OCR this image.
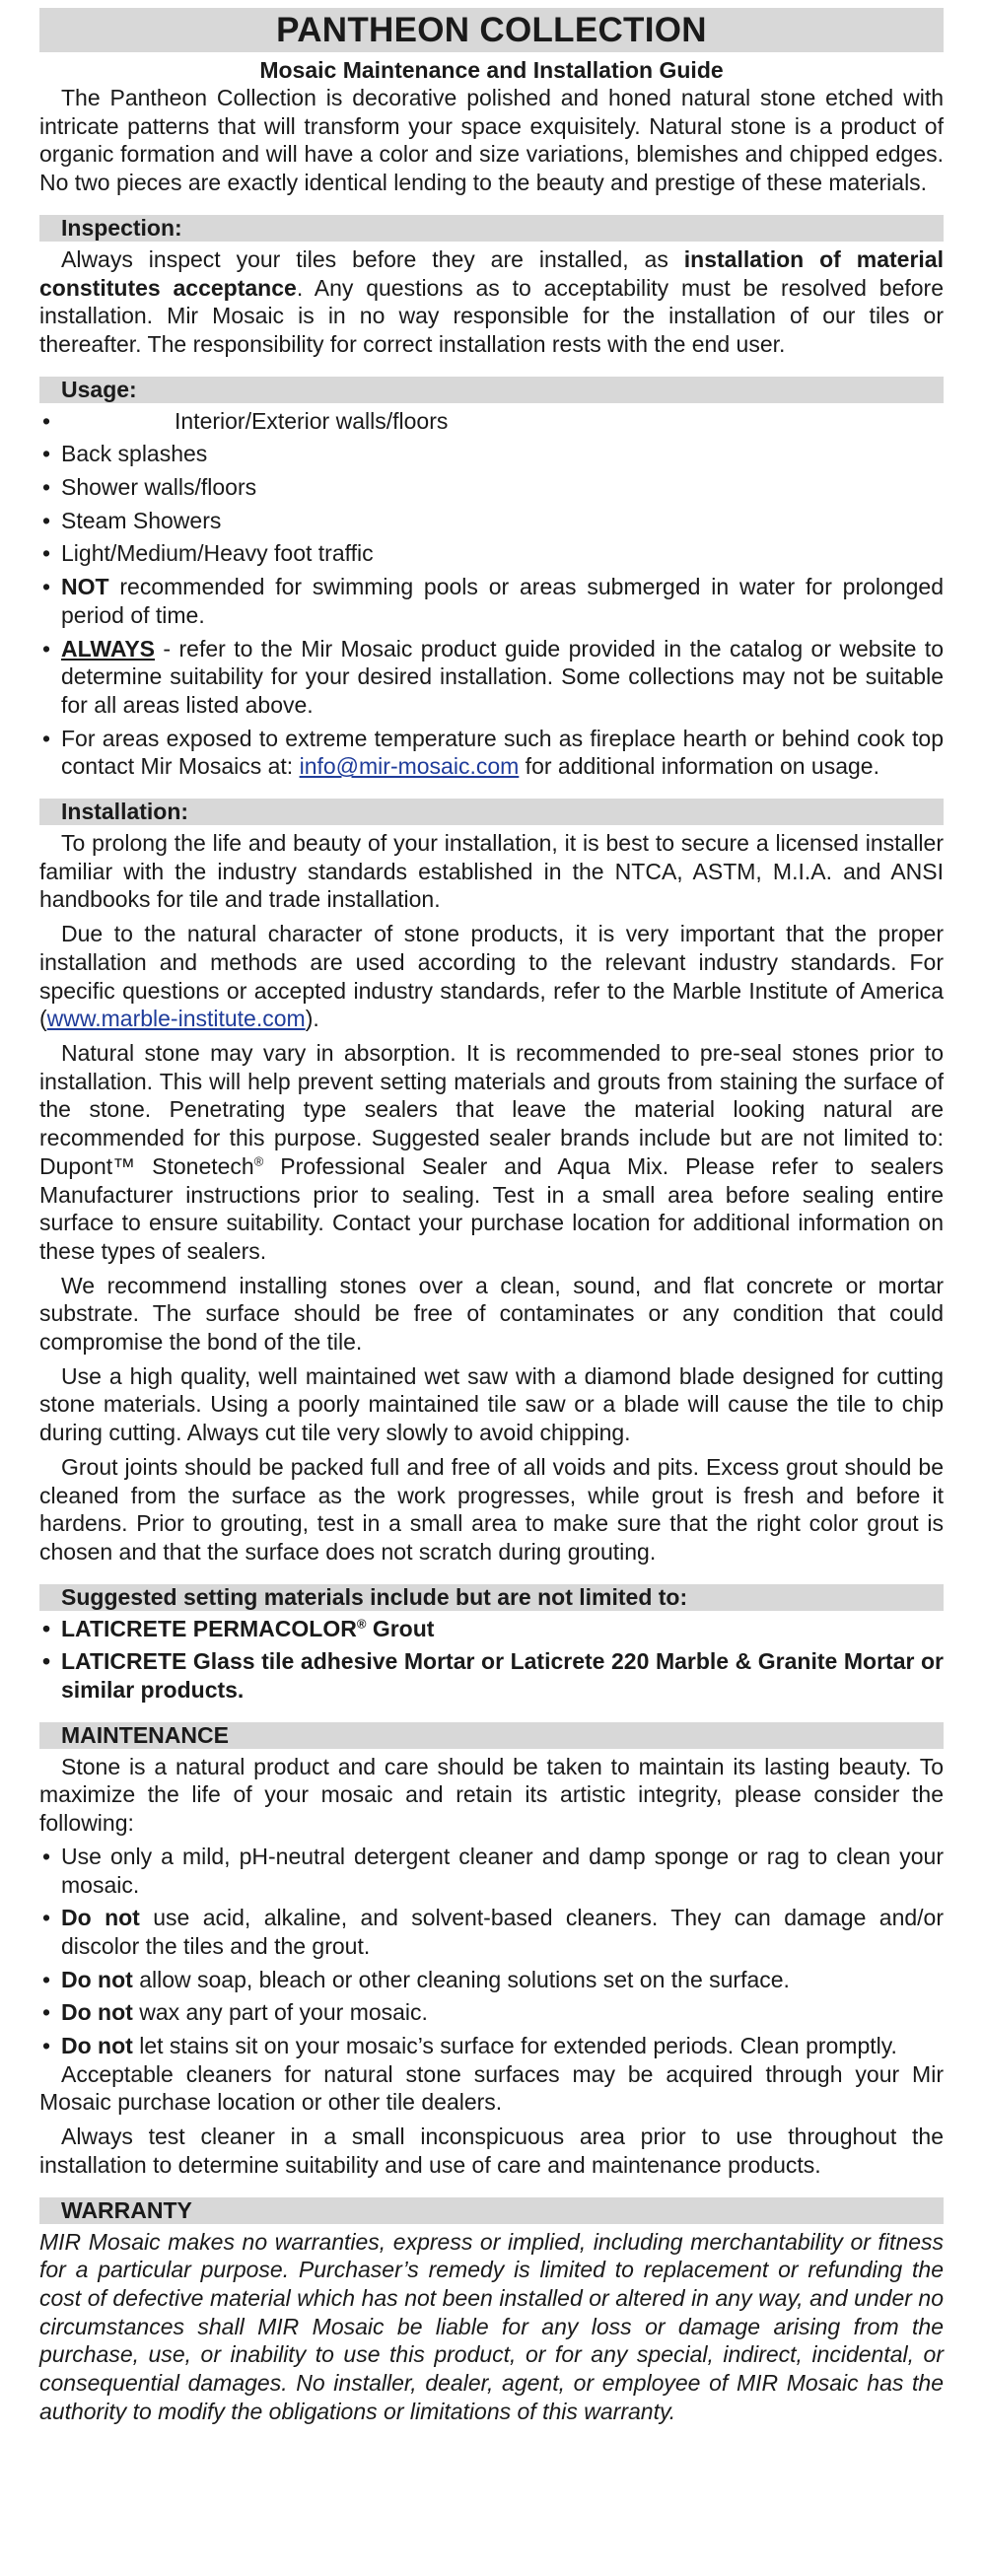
PANTHEON COLLECTION
Mosaic Maintenance and Installation Guide

The Pantheon Collection is decorative polished and honed natural stone etched with intricate patterns that will transform your space exquisitely. Natural stone is a product of organic formation and will have a color and size variations, blemishes and chipped edges. No two pieces are exactly identical lending to the beauty and prestige of these materials.

Inspection:

Always inspect your tiles before they are installed, as installation of material constitutes acceptance. Any questions as to acceptability must be resolved before installation. Mir Mosaic is in no way responsible for the installation of our tiles or thereafter. The responsibility for correct installation rests with the end user.

Usage:
• Interior/Exterior walls/floors
• Back splashes
• Shower walls/floors
• Steam Showers
• Light/Medium/Heavy foot traffic
• NOT recommended for swimming pools or areas submerged in water for prolonged period of time.
• ALWAYS - refer to the Mir Mosaic product guide provided in the catalog or website to determine suitability for your desired installation. Some collections may not be suitable for all areas listed above.
• For areas exposed to extreme temperature such as fireplace hearth or behind cook top contact Mir Mosaics at: info@mir-mosaic.com for additional information on usage.
Installation:

To prolong the life and beauty of your installation, it is best to secure a licensed installer familiar with the industry standards established in the NTCA, ASTM, M.I.A. and ANSI handbooks for tile and trade installation.

Due to the natural character of stone products, it is very important that the proper installation and methods are used according to the relevant industry standards. For specific questions or accepted industry standards, refer to the Marble Institute of America (www.marble-institute.com).

Natural stone may vary in absorption. It is recommended to pre-seal stones prior to installation. This will help prevent setting materials and grouts from staining the surface of the stone. Penetrating type sealers that leave the material looking natural are recommended for this purpose. Suggested sealer brands include but are not limited to: Dupont™ Stonetech® Professional Sealer and Aqua Mix. Please refer to sealers Manufacturer instructions prior to sealing. Test in a small area before sealing entire surface to ensure suitability. Contact your purchase location for additional information on these types of sealers.

We recommend installing stones over a clean, sound, and flat concrete or mortar substrate. The surface should be free of contaminates or any condition that could compromise the bond of the tile.

Use a high quality, well maintained wet saw with a diamond blade designed for cutting stone materials. Using a poorly maintained tile saw or a blade will cause the tile to chip during cutting. Always cut tile very slowly to avoid chipping.

Grout joints should be packed full and free of all voids and pits. Excess grout should be cleaned from the surface as the work progresses, while grout is fresh and before it hardens. Prior to grouting, test in a small area to make sure that the right color grout is chosen and that the surface does not scratch during grouting.

Suggested setting materials include but are not limited to:
• LATICRETE PERMACOLOR® Grout
• LATICRETE Glass tile adhesive Mortar or Laticrete 220 Marble & Granite Mortar or similar products.
MAINTENANCE

Stone is a natural product and care should be taken to maintain its lasting beauty. To maximize the life of your mosaic and retain its artistic integrity, please consider the following:

• Use only a mild, pH-neutral detergent cleaner and damp sponge or rag to clean your mosaic.
• Do not use acid, alkaline, and solvent-based cleaners. They can damage and/or discolor the tiles and the grout.
• Do not allow soap, bleach or other cleaning solutions set on the surface.
• Do not wax any part of your mosaic.
• Do not let stains sit on your mosaic’s surface for extended periods. Clean promptly.

Acceptable cleaners for natural stone surfaces may be acquired through your Mir Mosaic purchase location or other tile dealers.

Always test cleaner in a small inconspicuous area prior to use throughout the installation to determine suitability and use of care and maintenance products.

WARRANTY

MIR Mosaic makes no warranties, express or implied, including merchantability or fitness for a particular purpose. Purchaser’s remedy is limited to replacement or refunding the cost of defective material which has not been installed or altered in any way, and under no circumstances shall MIR Mosaic be liable for any loss or damage arising from the purchase, use, or inability to use this product, or for any special, indirect, incidental, or consequential damages. No installer, dealer, agent, or employee of MIR Mosaic has the authority to modify the obligations or limitations of this warranty.
